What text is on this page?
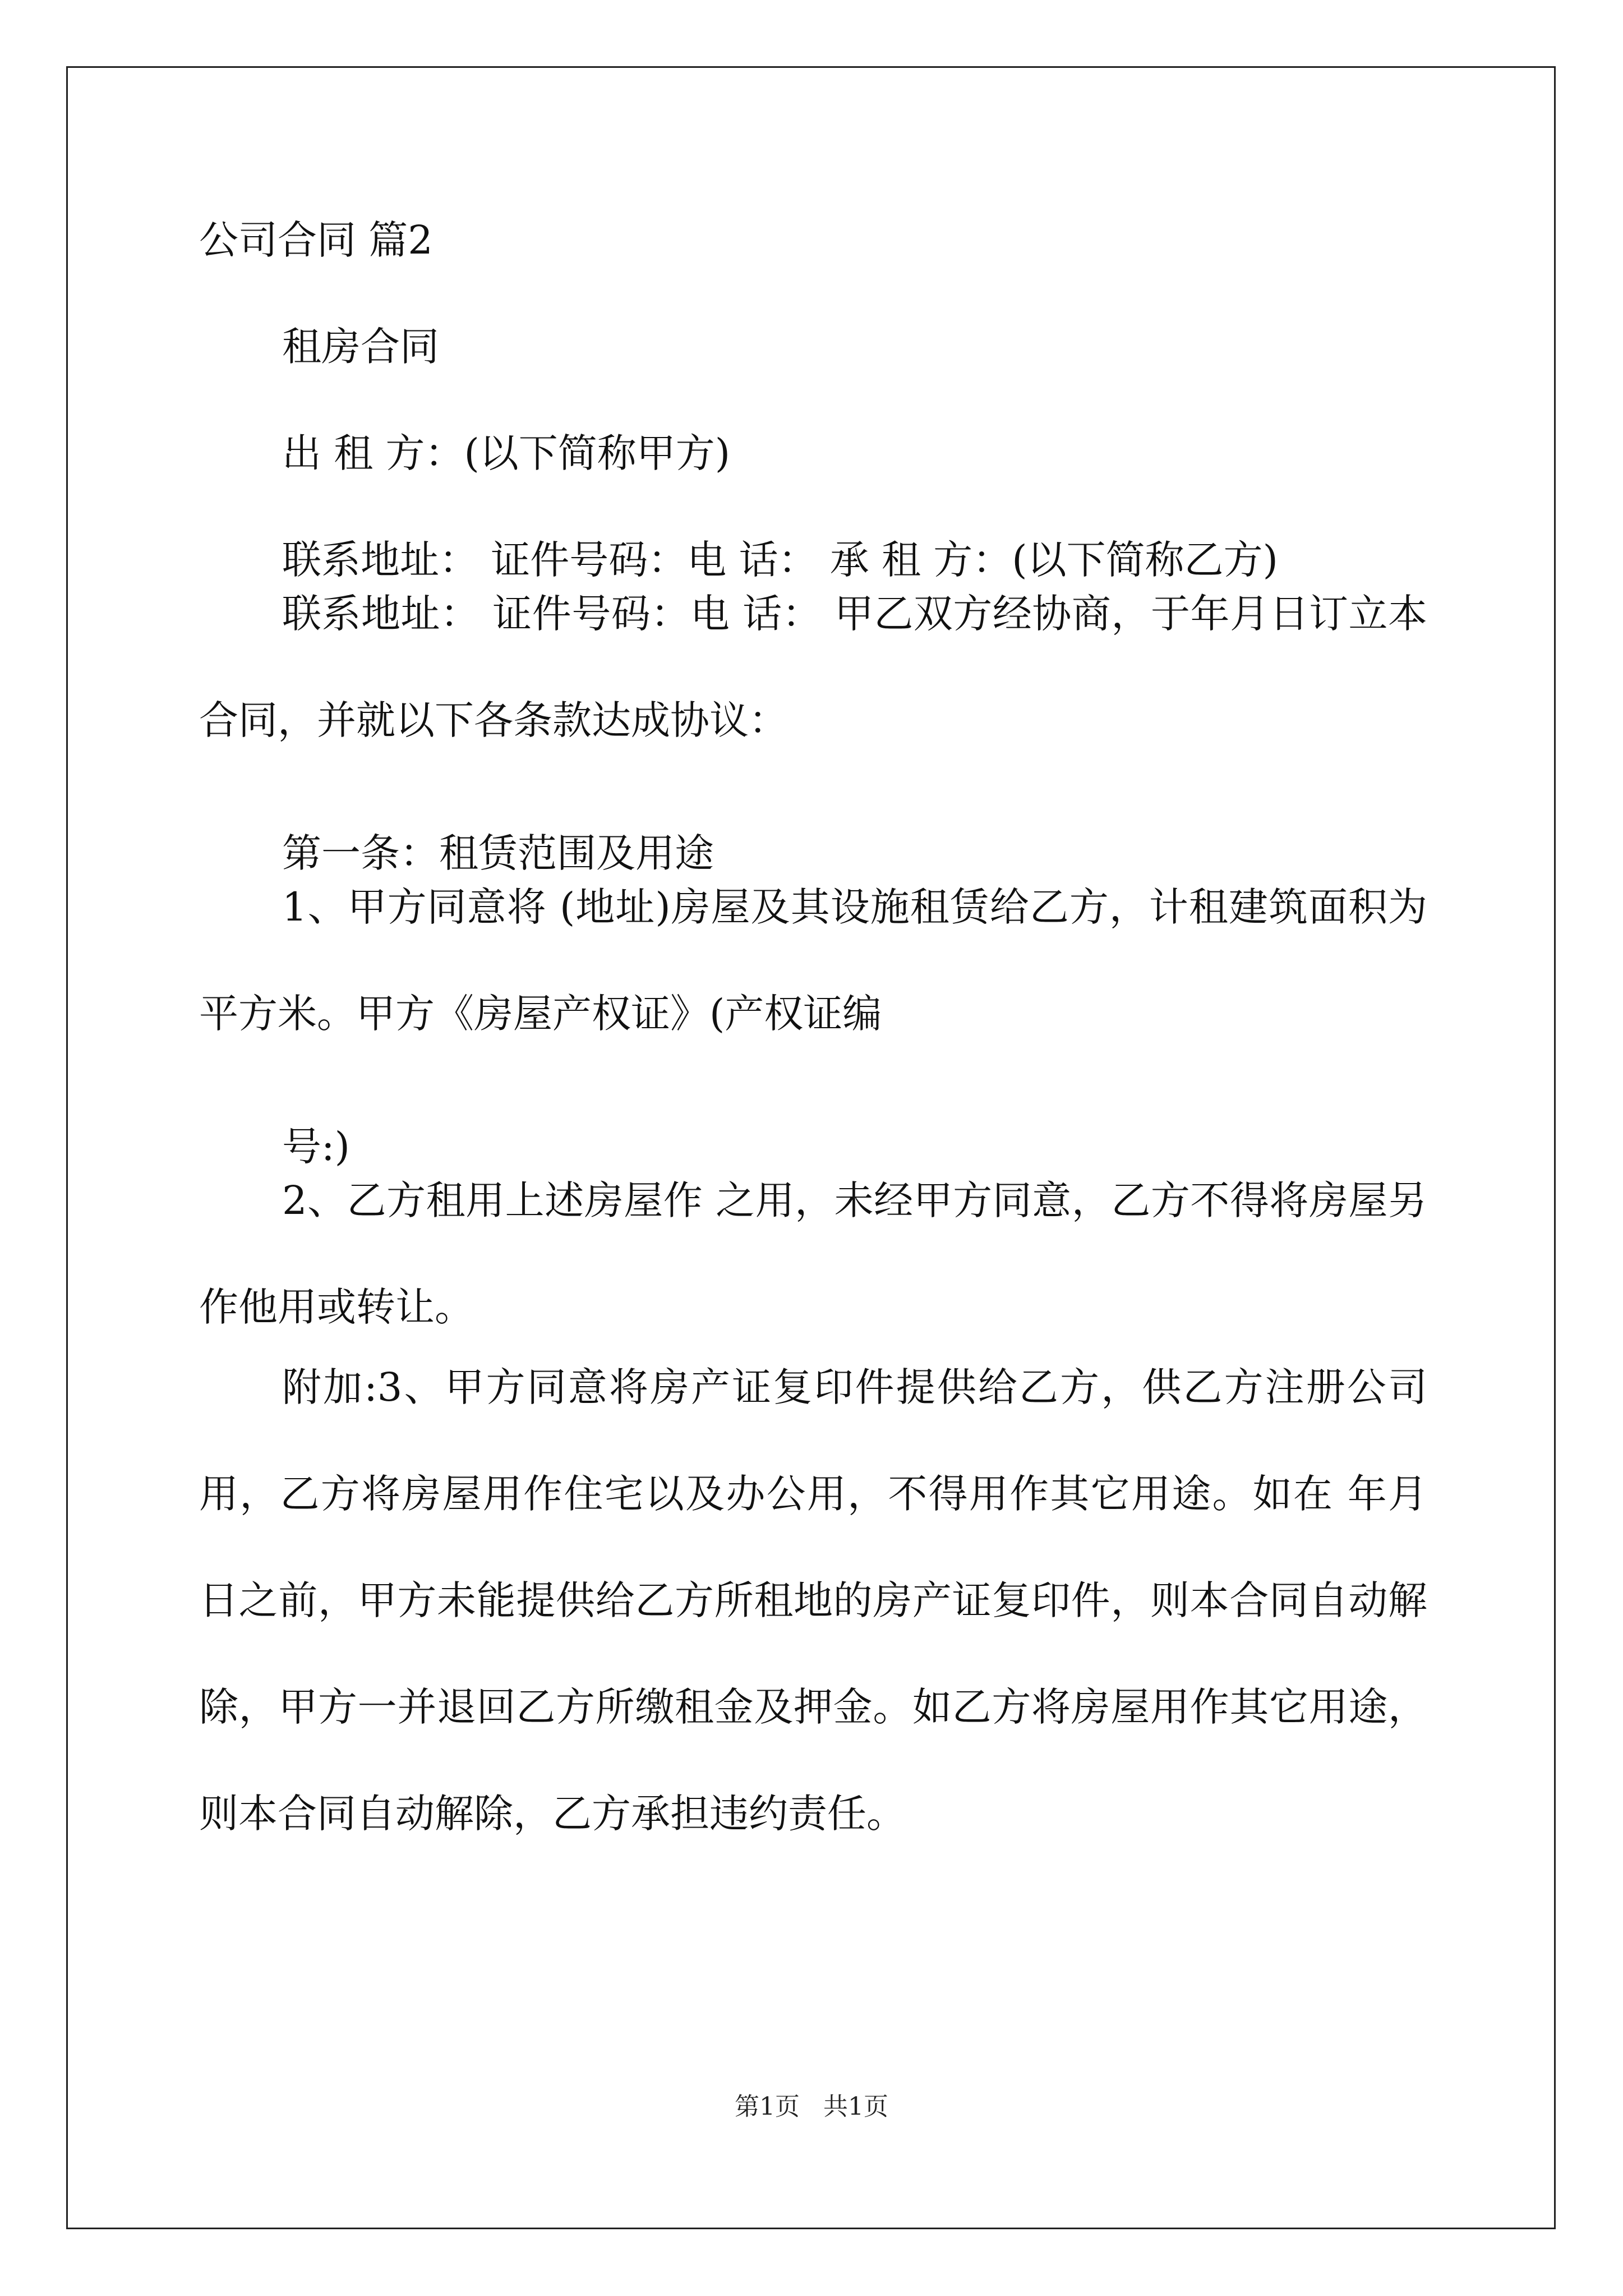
公司合同 篇2

租房合同

出 租 方：(以下简称甲方)

联系地址： 证件号码：电 话： 承 租 方：(以下简称乙方)

联系地址： 证件号码：电 话： 甲乙双方经协商，于年月日订立本合同，并就以下各条款达成协议：

第一条：租赁范围及用途

1、甲方同意将 (地址)房屋及其设施租赁给乙方，计租建筑面积为 平方米。甲方《房屋产权证》(产权证编

号:)

2、乙方租用上述房屋作 之用，未经甲方同意，乙方不得将房屋另作他用或转让。

附加:3、甲方同意将房产证复印件提供给乙方，供乙方注册公司用，乙方将房屋用作住宅以及办公用，不得用作其它用途。如在 年月日之前，甲方未能提供给乙方所租地的房产证复印件，则本合同自动解除，甲方一并退回乙方所缴租金及押金。如乙方将房屋用作其它用途，则本合同自动解除，乙方承担违约责任。

第1页   共1页
